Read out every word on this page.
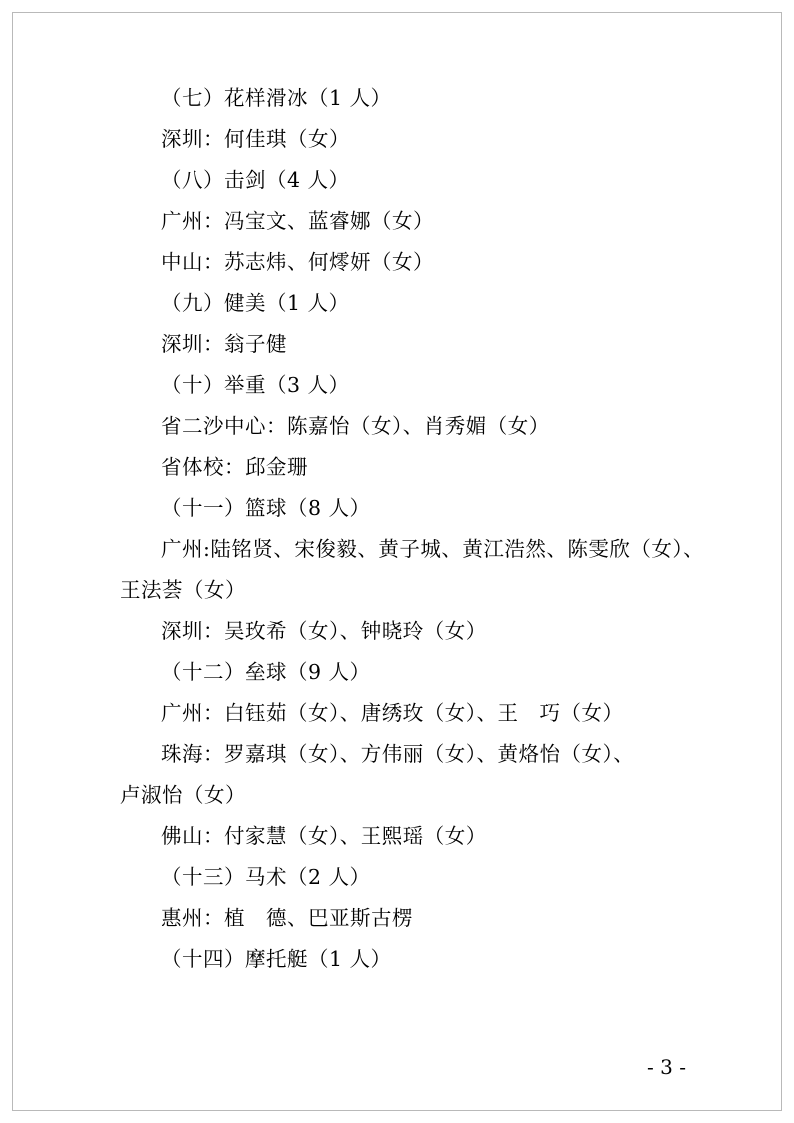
（七）花样滑冰（1 人）
深圳：何佳琪（女）
（八）击剑（4 人）
广州：冯宝文、蓝睿娜（女）
中山：苏志炜、何燯妍（女）
（九）健美（1 人）
深圳：翁子健
（十）举重（3 人）
省二沙中心：陈嘉怡（女）、肖秀媚（女）
省体校：邱金珊
（十一）篮球（8 人）
广州:陆铭贤、宋俊毅、黄子城、黄江浩然、陈雯欣（女）、
王法荟（女）
深圳：吴玫希（女）、钟晓玲（女）
（十二）垒球（9 人）
广州：白钰茹（女）、唐绣玫（女）、王　巧（女）
珠海：罗嘉琪（女）、方伟丽（女）、黄烙怡（女）、
卢淑怡（女）
佛山：付家慧（女）、王熙瑶（女）
（十三）马术（2 人）
惠州：植　德、巴亚斯古楞
（十四）摩托艇（1 人）
- 3 -
